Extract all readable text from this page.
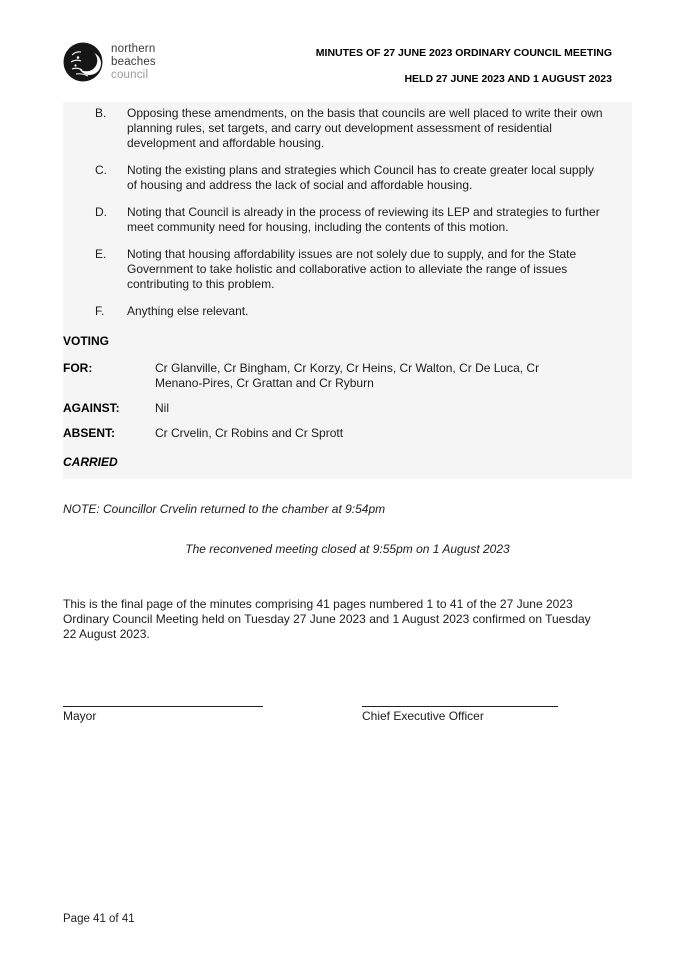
northern
beaches
council
MINUTES OF 27 JUNE 2023 ORDINARY COUNCIL MEETING
HELD 27 JUNE 2023 AND 1 AUGUST 2023
B.	Opposing these amendments, on the basis that councils are well placed to write their own planning rules, set targets, and carry out development assessment of residential development and affordable housing.
C.	Noting the existing plans and strategies which Council has to create greater local supply of housing and address the lack of social and affordable housing.
D.	Noting that Council is already in the process of reviewing its LEP and strategies to further meet community need for housing, including the contents of this motion.
E.	Noting that housing affordability issues are not solely due to supply, and for the State Government to take holistic and collaborative action to alleviate the range of issues contributing to this problem.
F.	Anything else relevant.
VOTING
FOR:	Cr Glanville, Cr Bingham, Cr Korzy, Cr Heins, Cr Walton, Cr De Luca, Cr Menano-Pires, Cr Grattan and Cr Ryburn
AGAINST:	Nil
ABSENT:	Cr Crvelin, Cr Robins and Cr Sprott
CARRIED

NOTE: Councillor Crvelin returned to the chamber at 9:54pm

The reconvened meeting closed at 9:55pm on 1 August 2023

This is the final page of the minutes comprising 41 pages numbered 1 to 41 of the 27 June 2023 Ordinary Council Meeting held on Tuesday 27 June 2023 and 1 August 2023 confirmed on Tuesday 22 August 2023.

Mayor	Chief Executive Officer
Page 41 of 41
